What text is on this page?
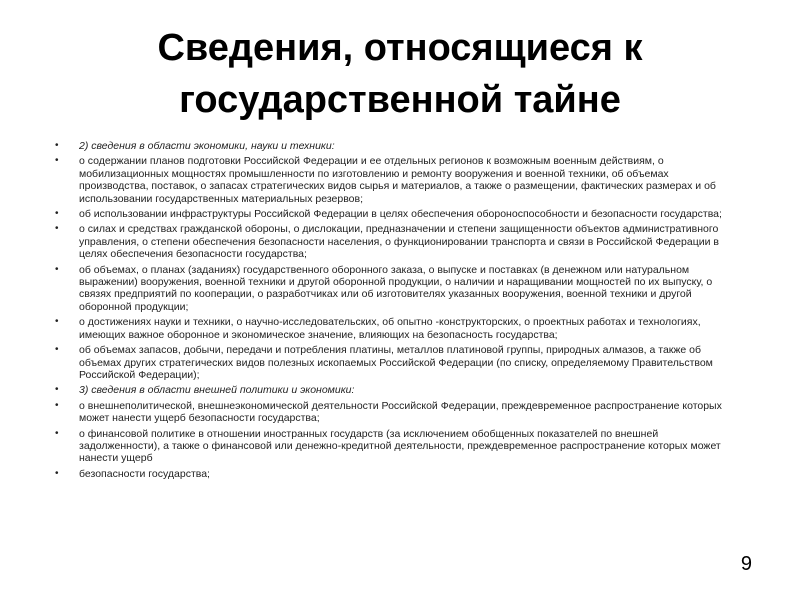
Сведения, относящиеся к
государственной тайне
•	2) сведения в области экономики, науки и техники:
•	о содержании планов подготовки Российской Федерации и ее отдельных регионов к возможным военным действиям, о мобилизационных мощностях промышленности по изготовлению и ремонту вооружения и военной техники, об объемах производства, поставок, о запасах стратегических видов сырья и материалов, а также о размещении, фактических размерах и об использовании государственных материальных резервов;
•	об использовании инфраструктуры Российской Федерации в целях обеспечения обороноспособности и безопасности государства;
•	о силах и средствах гражданской обороны, о дислокации, предназначении и степени защищенности объектов административного управления, о степени обеспечения безопасности населения, о функционировании транспорта и связи в Российской Федерации в целях обеспечения безопасности государства;
•	об объемах, о планах (заданиях) государственного оборонного заказа, о выпуске и поставках (в денежном или натуральном выражении) вооружения, военной техники и другой оборонной продукции, о наличии и наращивании мощностей по их выпуску, о связях предприятий по кооперации, о разработчиках или об изготовителях указанных вооружения, военной техники и другой оборонной продукции;
•	о достижениях науки и техники, о научно-исследовательских, об опытно -конструкторских, о проектных работах и технологиях, имеющих важное оборонное и экономическое значение, влияющих на безопасность государства;
•	об объемах запасов, добычи, передачи и потребления платины, металлов платиновой группы, природных алмазов, а также об объемах других стратегических видов полезных ископаемых Российской Федерации (по списку, определяемому Правительством Российской Федерации);
•	3) сведения в области внешней политики и экономики:
•	о внешнеполитической, внешнеэкономической деятельности Российской Федерации, преждевременное распространение которых может нанести ущерб безопасности государства;
•	о финансовой политике в отношении иностранных государств (за исключением обобщенных показателей по внешней задолженности), а также о финансовой или денежно-кредитной деятельности, преждевременное распространение которых может нанести ущерб
•	безопасности государства;
9
